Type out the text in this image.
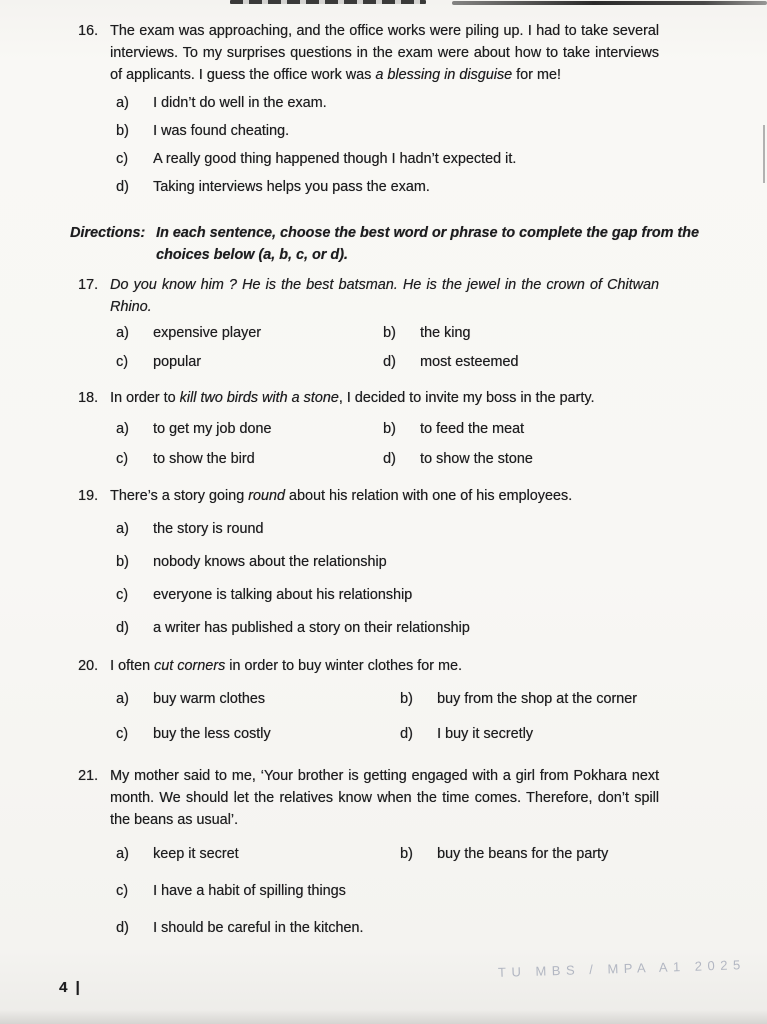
16. The exam was approaching, and the office works were piling up. I had to take several interviews. To my surprises questions in the exam were about how to take interviews of applicants. I guess the office work was a blessing in disguise for me!

a)	I didn’t do well in the exam.
b)	I was found cheating.
c)	A really good thing happened though I hadn’t expected it.
d)	Taking interviews helps you pass the exam.
Directions: In each sentence, choose the best word or phrase to complete the gap from the choices below (a, b, c, or d).
17. Do you know him ? He is the best batsman. He is the jewel in the crown of Chitwan Rhino.

a)	expensive player	b)	the king
c)	popular	d)	most esteemed
18. In order to kill two birds with a stone, I decided to invite my boss in the party.

a)	to get my job done	b)	to feed the meat
c)	to show the bird	d)	to show the stone
19. There’s a story going round about his relation with one of his employees.

a)	the story is round
b)	nobody knows about the relationship
c)	everyone is talking about his relationship
d)	a writer has published a story on their relationship
20. I often cut corners in order to buy winter clothes for me.

a)	buy warm clothes	b)	buy from the shop at the corner
c)	buy the less costly	d)	I buy it secretly
21. My mother said to me, ‘Your brother is getting engaged with a girl from Pokhara next month. We should let the relatives know when the time comes. Therefore, don’t spill the beans as usual’.

a)	keep it secret	b)	buy the beans for the party
c)	I have a habit of spilling things
d)	I should be careful in the kitchen.
4 |
TU MBS / MPA A1 2025
